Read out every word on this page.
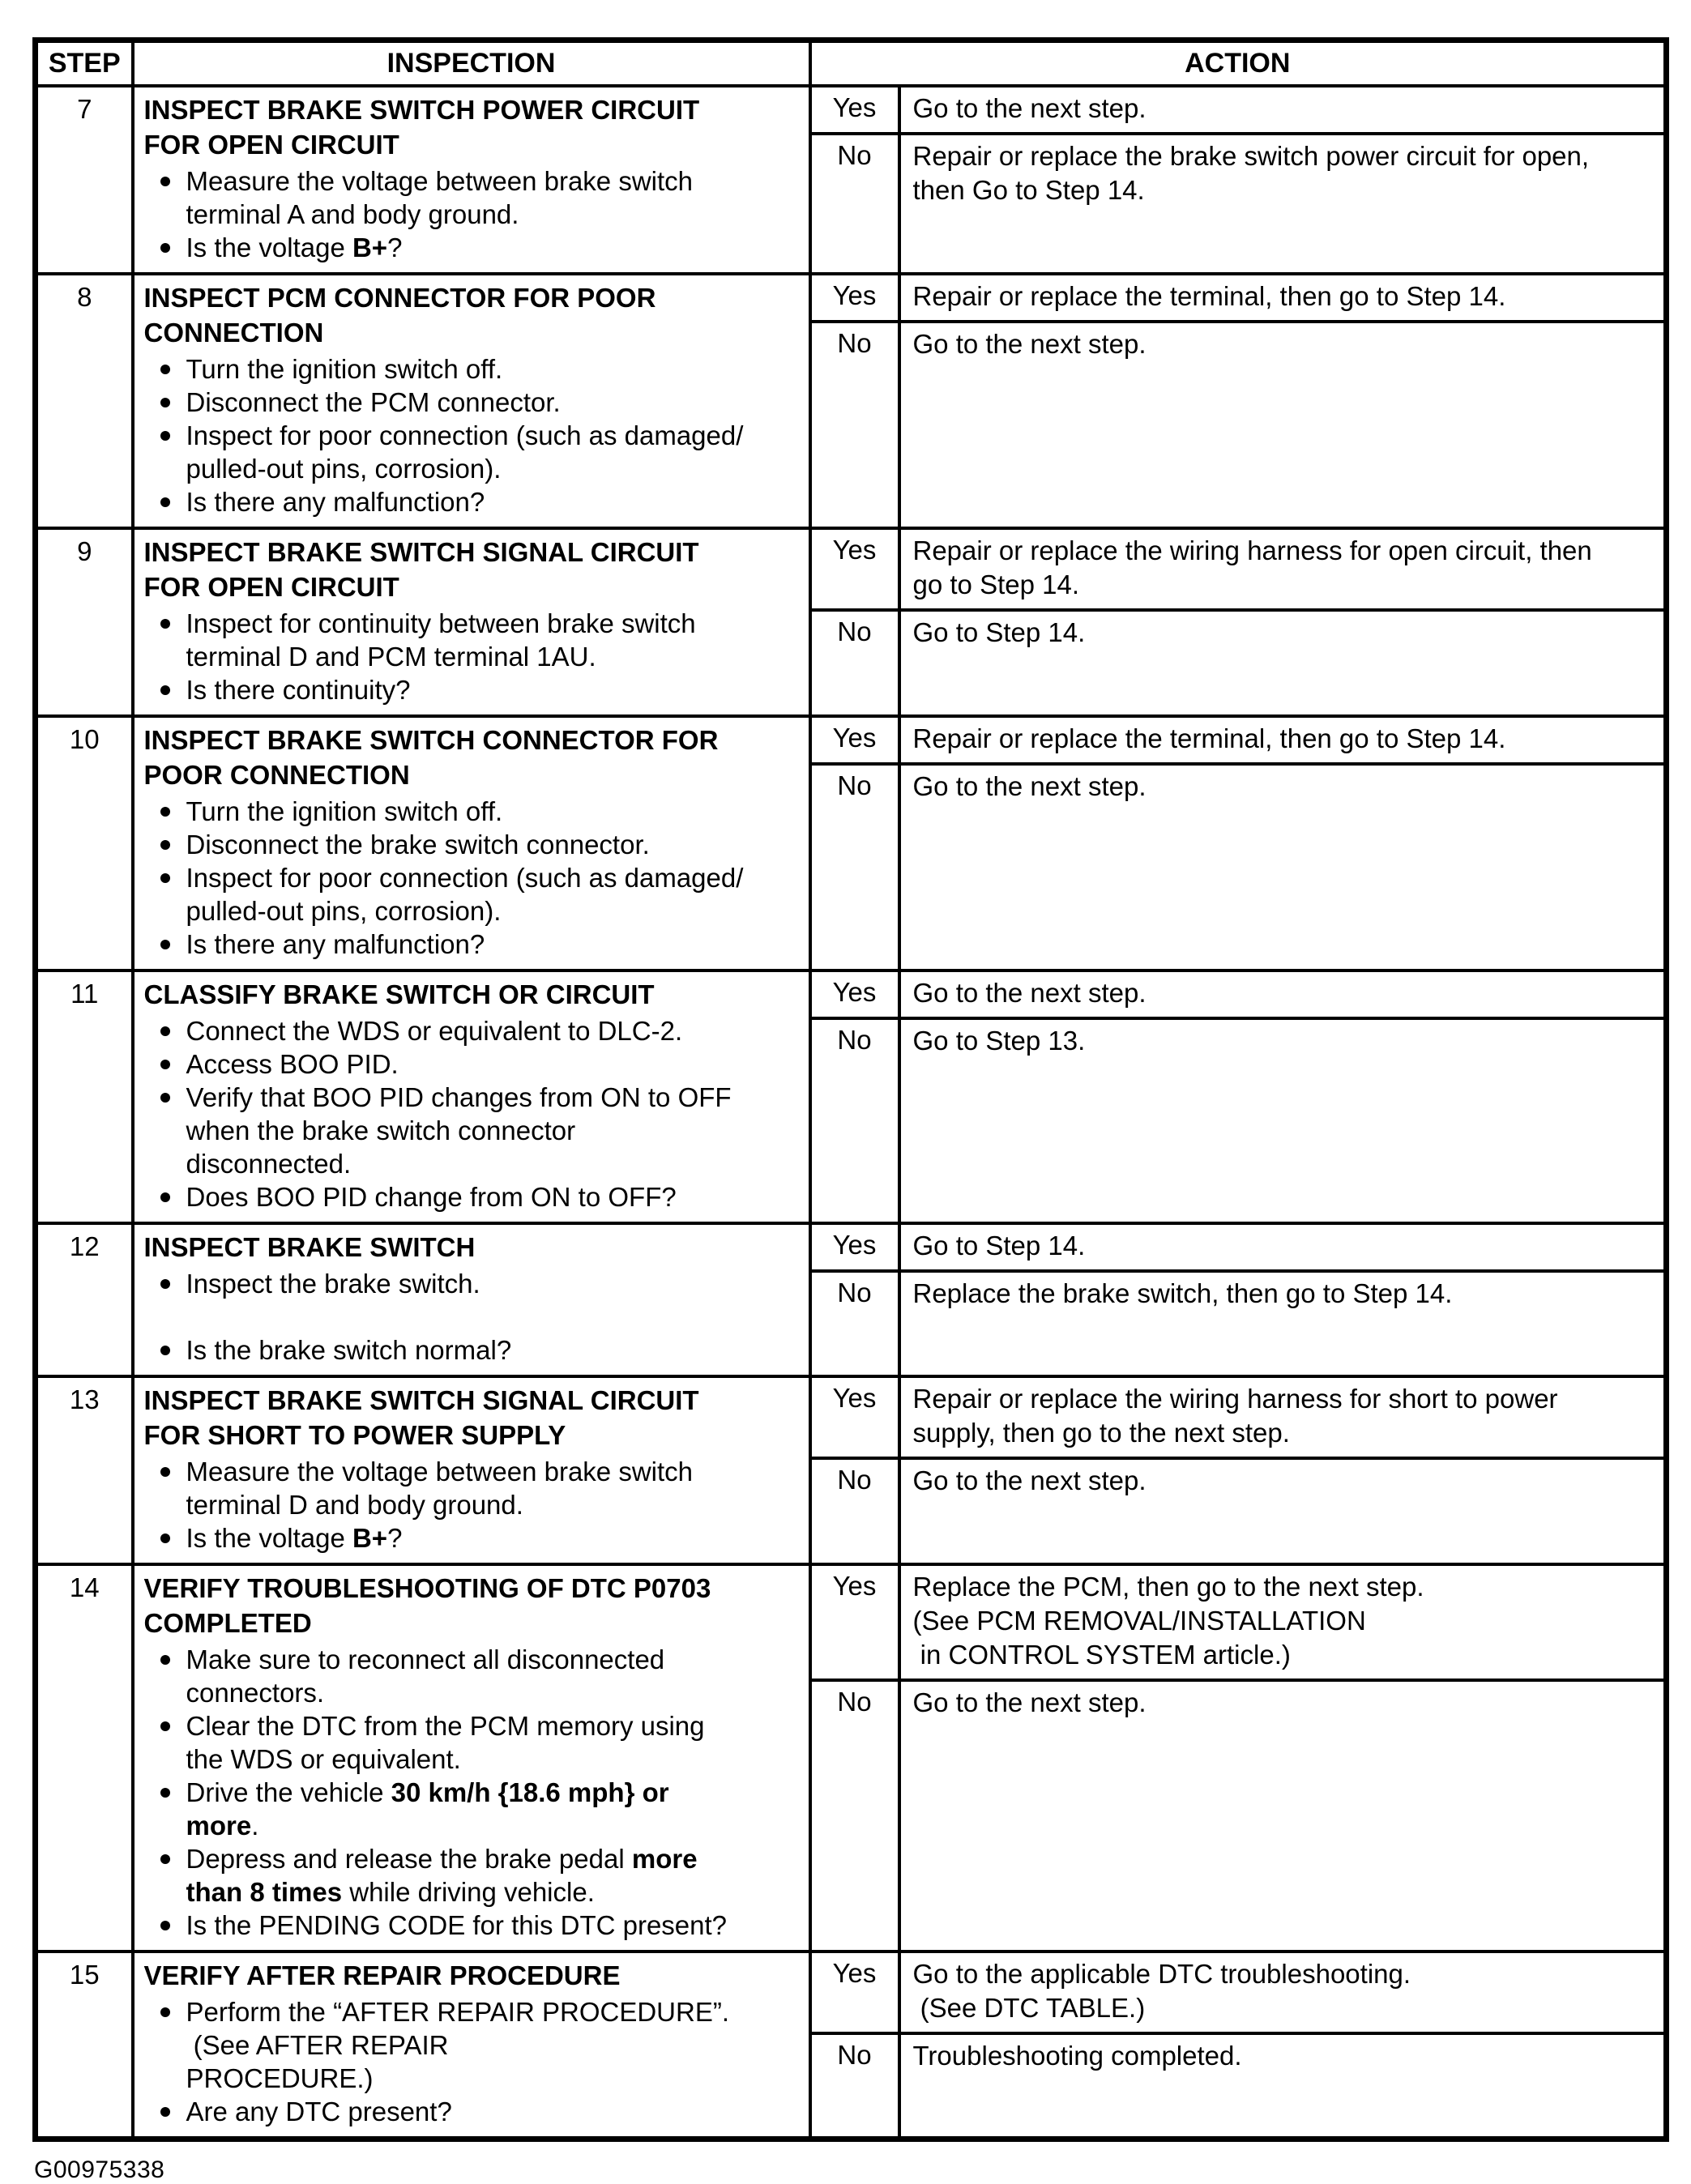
STEP	INSPECTION	ACTION	
7	INSPECT BRAKE SWITCH POWER CIRCUIT
FOR OPEN CIRCUIT
Measure the voltage between brake switch
terminal A and body ground.
Is the voltage B+?	Yes	Go to the next step.
		No	Repair or replace the brake switch power circuit for open,
then Go to Step 14.
8	INSPECT PCM CONNECTOR FOR POOR
CONNECTION
Turn the ignition switch off.
Disconnect the PCM connector.
Inspect for poor connection (such as damaged/
pulled-out pins, corrosion).
Is there any malfunction?
	Yes	Repair or replace the terminal, then go to Step 14.
		No	Go to the next step.
9	INSPECT BRAKE SWITCH SIGNAL CIRCUIT
FOR OPEN CIRCUIT
Inspect for continuity between brake switch
terminal D and PCM terminal 1AU.
Is there continuity?
	Yes	Repair or replace the wiring harness for open circuit, then
go to Step 14.
		No	Go to Step 14.
10	INSPECT BRAKE SWITCH CONNECTOR FOR
POOR CONNECTION
Turn the ignition switch off.
Disconnect the brake switch connector.
Inspect for poor connection (such as damaged/
pulled-out pins, corrosion).
Is there any malfunction?
	Yes	Repair or replace the terminal, then go to Step 14.
		No	Go to the next step.
11	CLASSIFY BRAKE SWITCH OR CIRCUIT
Connect the WDS or equivalent to DLC-2.
Access BOO PID.
Verify that BOO PID changes from ON to OFF
when the brake switch connector
disconnected.
Does BOO PID change from ON to OFF?
	Yes	Go to the next step.
		No	Go to Step 13.
12	INSPECT BRAKE SWITCH
Inspect the brake switch.
Is the brake switch normal?	Yes	Go to Step 14.
		No	Replace the brake switch, then go to Step 14.
13	INSPECT BRAKE SWITCH SIGNAL CIRCUIT
FOR SHORT TO POWER SUPPLY
Measure the voltage between brake switch
terminal D and body ground.
Is the voltage B+?
	Yes	Repair or replace the wiring harness for short to power
supply, then go to the next step.
		No	Go to the next step.
14	VERIFY TROUBLESHOOTING OF DTC P0703
COMPLETED
Make sure to reconnect all disconnected
connectors.
Clear the DTC from the PCM memory using
the WDS or equivalent.
Drive the vehicle 30 km/h {18.6 mph} or
more.
Depress and release the brake pedal more
than 8 times while driving vehicle.
Is the PENDING CODE for this DTC present?
	Yes	Replace the PCM, then go to the next step.
(See PCM REMOVAL/INSTALLATION
in CONTROL SYSTEM article.)
		No	Go to the next step.
15	VERIFY AFTER REPAIR PROCEDURE
Perform the “AFTER REPAIR PROCEDURE”.
(See AFTER REPAIR
PROCEDURE.)
Are any DTC present?
	Yes	Go to the applicable DTC troubleshooting.
(See DTC TABLE.)
		No	Troubleshooting completed.
G00975338
